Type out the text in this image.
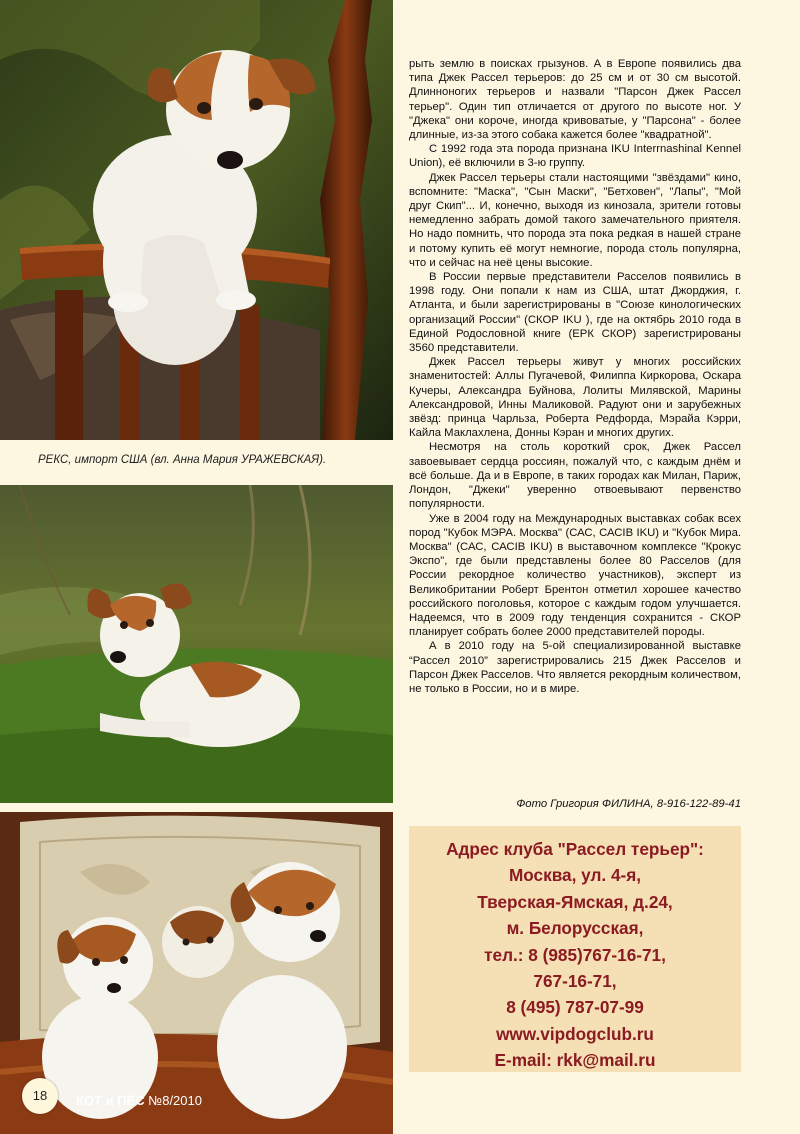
РЕКС, импорт США (вл. Анна Мария УРАЖЕВСКАЯ).

рыть землю в поисках грызунов. А в Европе появились два типа Джек Рассел терьеров: до 25 см и от 30 см высотой. Длинноногих терьеров и назвали "Парсон Джек Рассел терьер". Один тип отличается от другого по высоте ног. У "Джека" они короче, иногда кривоватые, у "Парсона" - более длинные, из-за этого собака кажется более "квадратной".

С 1992 года эта порода признана IKU Interrnashinal Kennel Union), её включили в 3-ю группу.

Джек Рассел терьеры стали настоящими "звёздами" кино, вспомните: "Маска", "Сын Маски", "Бетховен", "Лапы", "Мой друг Скип"... И, конечно, выходя из кинозала, зрители готовы немедленно забрать домой такого замечательного приятеля. Но надо помнить, что порода эта пока редкая в нашей стране и потому купить её могут немногие, порода столь популярна, что и сейчас на неё цены высокие.

В России первые представители Расселов появились в 1998 году. Они попали к нам из США, штат Джорджия, г. Атланта, и были зарегистрированы в "Союзе кинологических организаций России" (СКОР IKU ), где на октябрь 2010 года в Единой Родословной книге (ЕРК СКОР) зарегистрированы 3560 представители.

Джек Рассел терьеры живут у многих российских знаменитостей: Аллы Пугачевой, Филиппа Киркорова, Оскара Кучеры, Александра Буйнова, Лолиты Милявской, Марины Александровой, Инны Маликовой. Радуют они и зарубежных звёзд: принца Чарльза, Роберта Редфорда, Мэрайа Кэрри, Кайла Маклахлена, Донны Кэран и многих других.

Несмотря на столь короткий срок, Джек Рассел завоевывает сердца россиян, пожалуй что, с каждым днём и всё больше. Да и в Европе, в таких городах как Милан, Париж, Лондон, "Джеки" уверенно отвоевывают первенство популярности.

Уже в 2004 году на Международных выставках собак всех пород "Кубок МЭРА. Москва" (САС, САСIB IKU) и "Кубок Мира. Москва" (САС, САСIB IKU) в выставочном комплексе "Крокус Экспо", где были представлены более 80 Расселов (для России рекордное количество участников), эксперт из Великобритании Роберт Брентон отметил хорошее качество российского поголовья, которое с каждым годом улучшается. Надеемся, что в 2009 году тенденция сохранится - СКОР планирует собрать более 2000 представителей породы.

А в 2010 году на 5-ой специализированной выставке “Рассел 2010” зарегистрировались 215 Джек Расселов и Парсон Джек Расселов. Что является рекордным количеством, не только в России, но и в мире.

Фото Григория ФИЛИНА, 8-916-122-89-41
Адрес клуба "Рассел терьер":
Москва, ул. 4-я,
Тверская-Ямская, д.24,
м. Белорусская,
тел.: 8 (985)767-16-71,
767-16-71,
8 (495) 787-07-99
www.vipdogclub.ru
E-mail: rkk@mail.ru
18	КОТ и ПЁС №8/2010
